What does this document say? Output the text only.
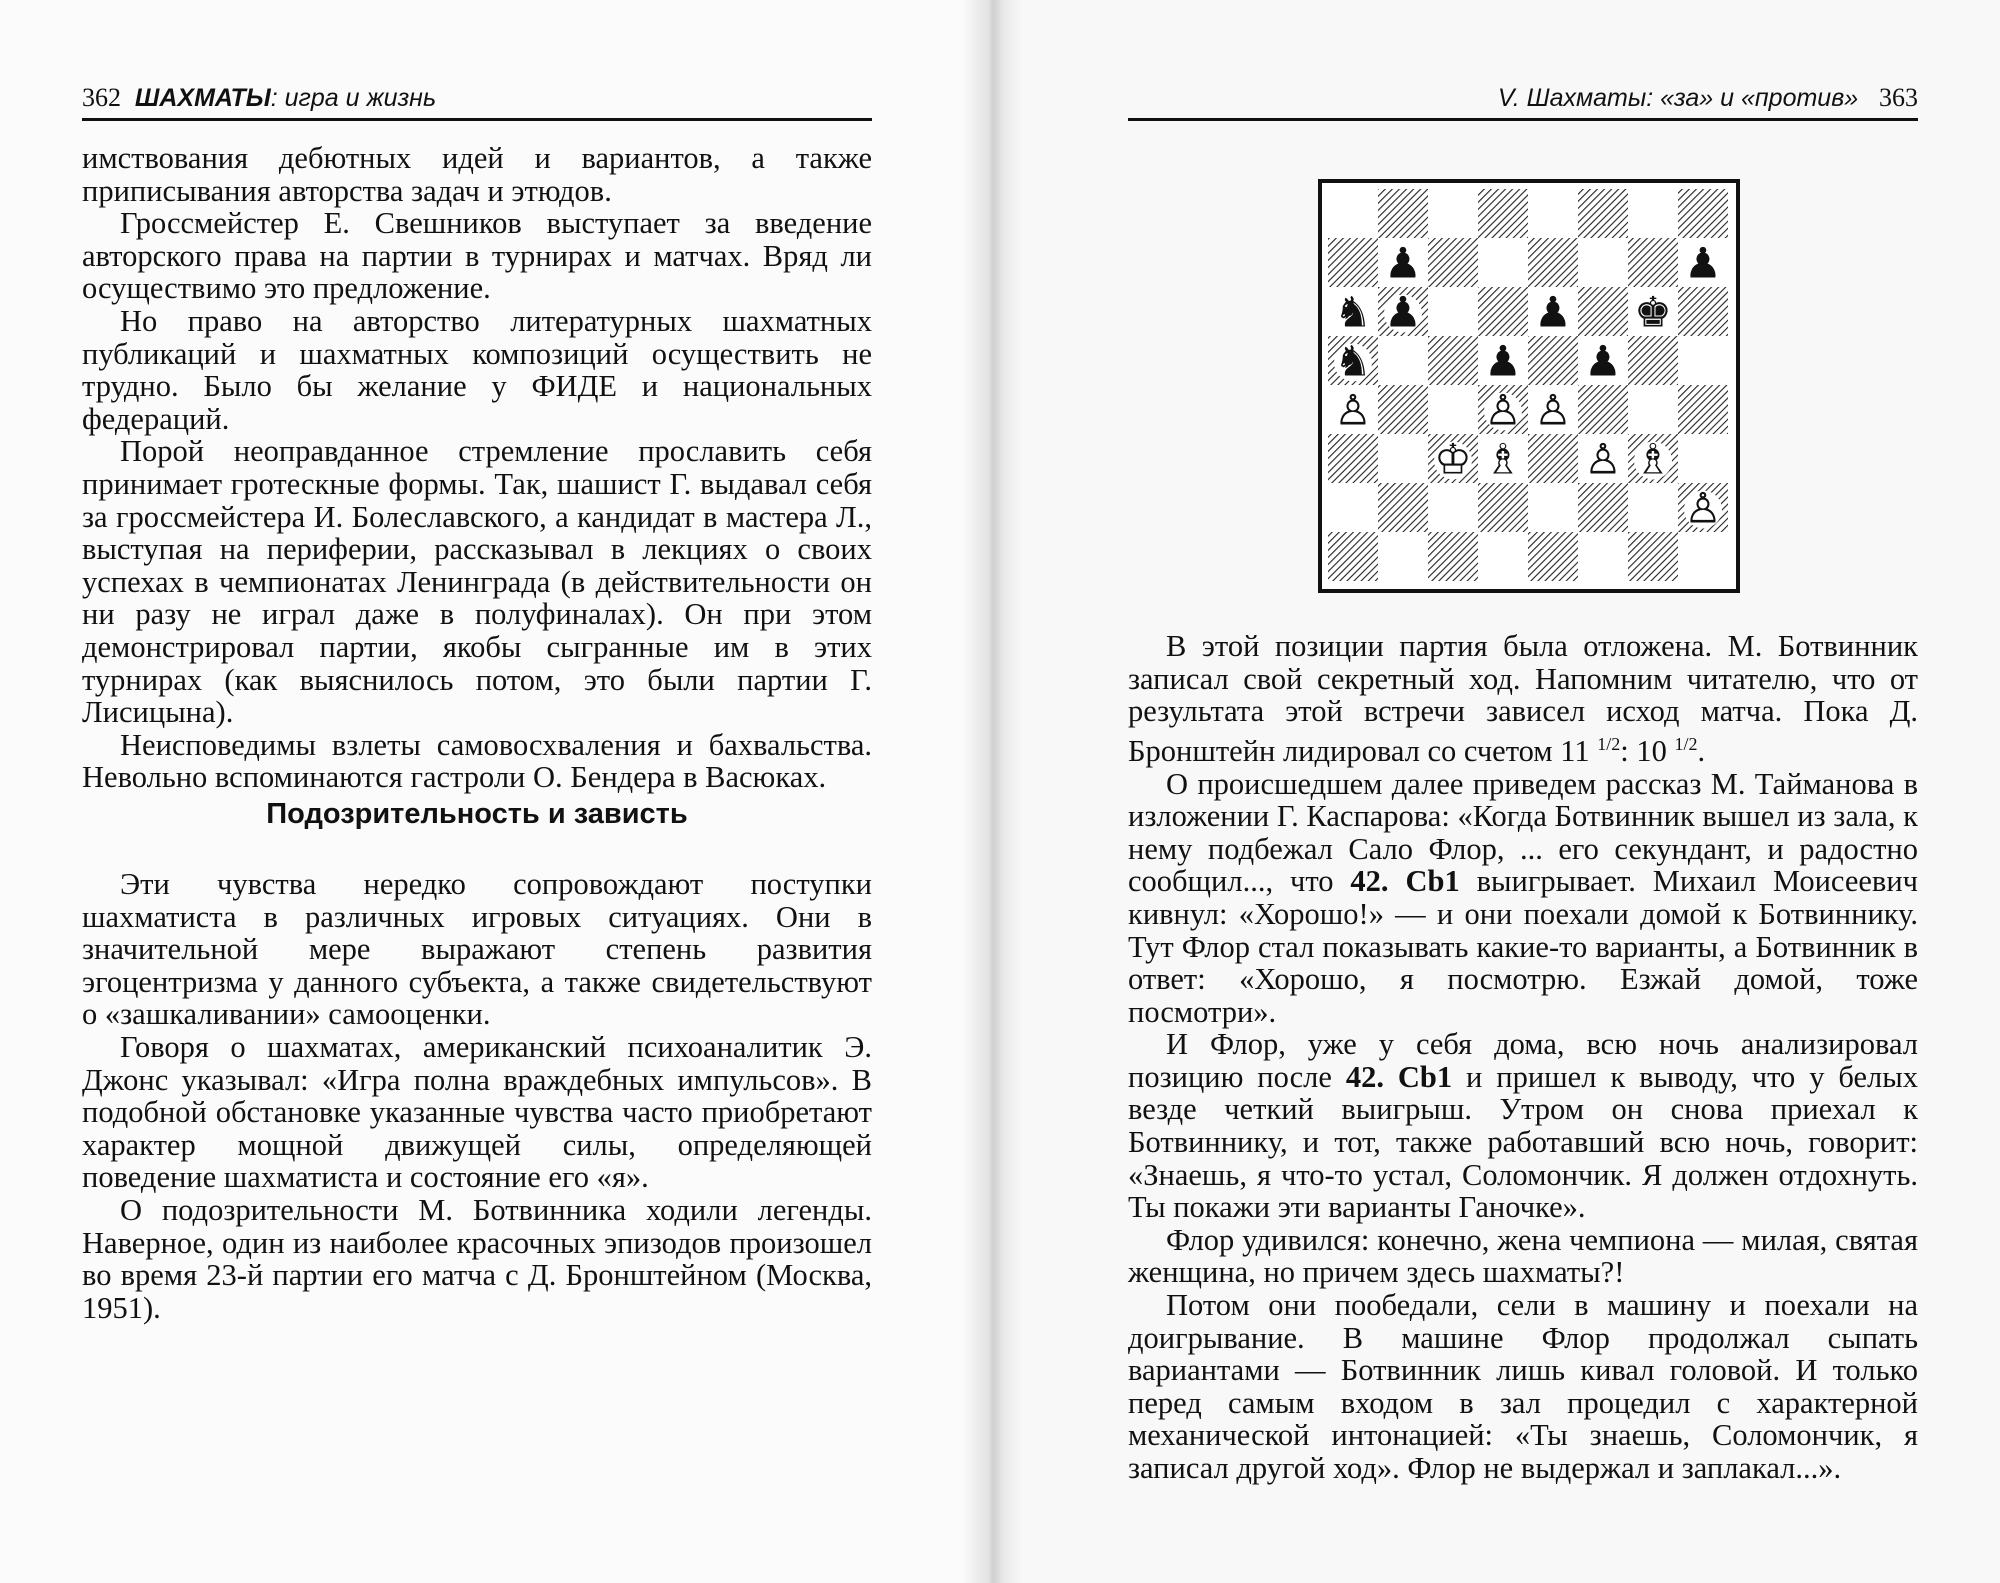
362 ШАХМАТЫ: игра и жизнь

имствования дебютных идей и вариантов, а также приписывания авторства задач и этюдов.

Гроссмейстер Е. Свешников выступает за введение авторского права на партии в турнирах и матчах. Вряд ли осуществимо это предложение.

Но право на авторство литературных шахматных публикаций и шахматных композиций осуществить не трудно. Было бы желание у ФИДЕ и национальных федераций.

Порой неоправданное стремление прославить себя принимает гротескные формы. Так, шашист Г. выдавал себя за гроссмейстера И. Болеславского, а кандидат в мастера Л., выступая на периферии, рассказывал в лекциях о своих успехах в чемпионатах Ленинграда (в действительности он ни разу не играл даже в полуфиналах). Он при этом демонстрировал партии, якобы сыгранные им в этих турнирах (как выяснилось потом, это были партии Г. Лисицына).

Неисповедимы взлеты самовосхваления и бахвальства. Невольно вспоминаются гастроли О. Бендера в Васюках.

Подозрительность и зависть

Эти чувства нередко сопровождают поступки шахматиста в различных игровых ситуациях. Они в значительной мере выражают степень развития эгоцентризма у данного субъекта, а также свидетельствуют о «зашкаливании» самооценки.

Говоря о шахматах, американский психоаналитик Э. Джонс указывал: «Игра полна враждебных импульсов». В подобной обстановке указанные чувства часто приобретают характер мощной движущей силы, определяющей поведение шахматиста и состояние его «я».

О подозрительности М. Ботвинника ходили легенды. Наверное, один из наиболее красочных эпизодов произошел во время 23-й партии его матча с Д. Бронштейном (Москва, 1951).

V. Шахматы: «за» и «против» 363
♟	♟
♞ ♟	♟ ♚
♞	♟ ♟
♙	♙ ♙
♔ ♗ ♙ ♗
♙

В этой позиции партия была отложена. М. Ботвинник записал свой секретный ход. Напомним читателю, что от результата этой встречи зависел исход матча. Пока Д. Бронштейн лидировал со счетом 11 $^{1/2}$: 10 $^{1/2}$.

О происшедшем далее приведем рассказ М. Тайманова в изложении Г. Каспарова: «Когда Ботвинник вышел из зала, к нему подбежал Сало Флор, ... его секундант, и радостно сообщил..., что 42. Cb1 выигрывает. Михаил Моисеевич кивнул: «Хорошо!» — и они поехали домой к Ботвиннику. Тут Флор стал показывать какие-то варианты, а Ботвинник в ответ: «Хорошо, я посмотрю. Езжай домой, тоже посмотри».

И Флор, уже у себя дома, всю ночь анализировал позицию после 42. Cb1 и пришел к выводу, что у белых везде четкий выигрыш. Утром он снова приехал к Ботвиннику, и тот, также работавший всю ночь, говорит: «Знаешь, я что-то устал, Соломончик. Я должен отдохнуть. Ты покажи эти варианты Ганочке».

Флор удивился: конечно, жена чемпиона — милая, святая женщина, но причем здесь шахматы?!

Потом они пообедали, сели в машину и поехали на доигрывание. В машине Флор продолжал сыпать вариантами — Ботвинник лишь кивал головой. И только перед самым входом в зал процедил с характерной механической интонацией: «Ты знаешь, Соломончик, я записал другой ход». Флор не выдержал и заплакал...».
